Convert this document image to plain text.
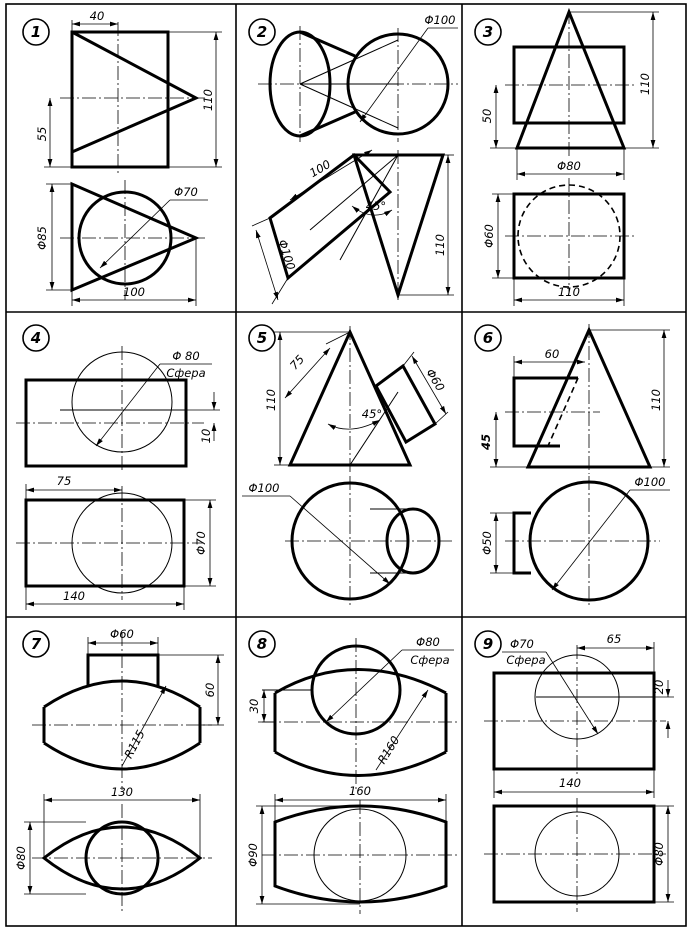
1
40
110
55
Φ70
Φ85
100
2
Φ100
100
45°
Φ100	110
3
110
50
Φ80
Φ60
110
4
Φ 80
Сфера
10
75
Φ70
140
5
75
110
Φ60
45°
Φ100
6
60
110
45
Φ100
Φ50
7
Φ60
60
R115
130
Φ80
8	Φ80
Сфера
30
R160
160
Φ90
9 Φ70
Сфера
65
20
140
Φ80
